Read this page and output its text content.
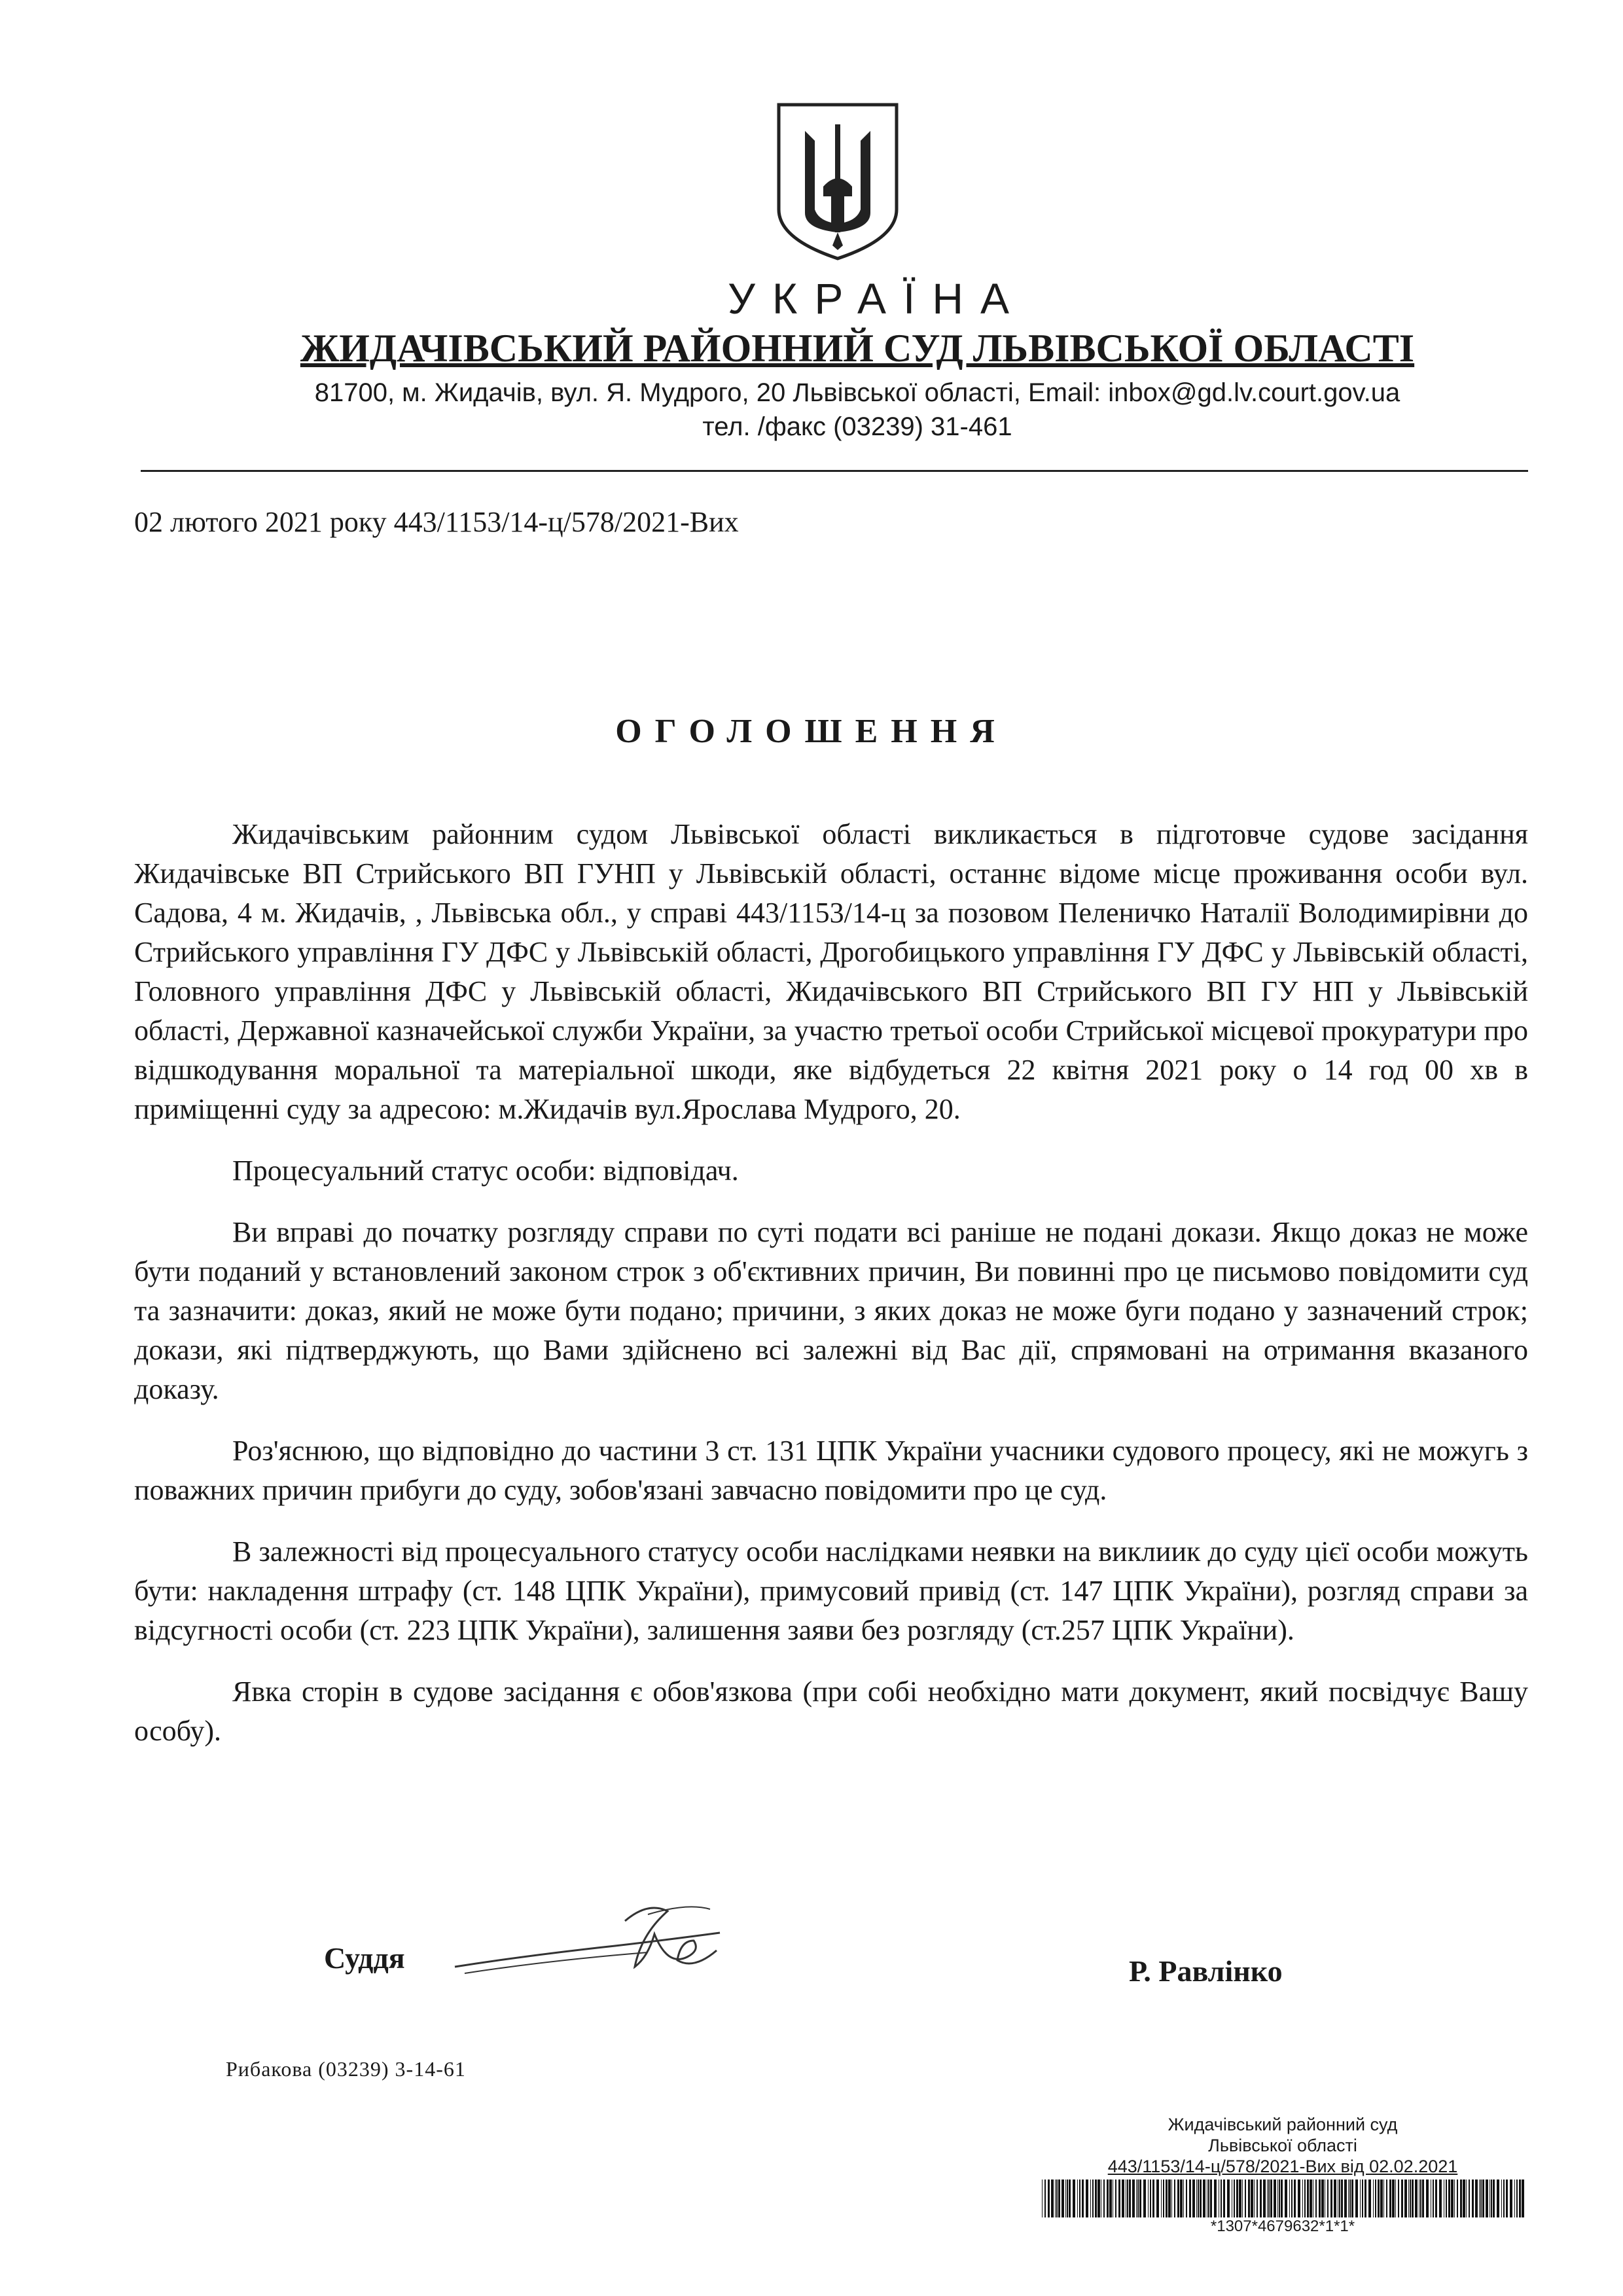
УКРАЇНА
ЖИДАЧІВСЬКИЙ РАЙОННИЙ СУД ЛЬВІВСЬКОЇ ОБЛАСТІ
81700, м. Жидачів, вул. Я. Мудрого, 20 Львівської області, Email: inbox@gd.lv.court.gov.ua
тел. /факс (03239) 31-461
02 лютого 2021 року 443/1153/14-ц/578/2021-Вих
ОГОЛОШЕННЯ

Жидачівським районним судом Львівської області викликається в підготовче судове засідання Жидачівське ВП Стрийського ВП ГУНП у Львівській області, останнє відоме місце проживання особи вул. Садова, 4 м. Жидачів, , Львівська обл., у справі 443/1153/14-ц за позовом Пеленичко Наталії Володимирівни до Стрийського управління ГУ ДФС у Львівській області, Дрогобицького управління ГУ ДФС у Львівській області, Головного управління ДФС у Львівській області, Жидачівського ВП Стрийського ВП ГУ НП у Львівській області, Державної казначейської служби України, за участю третьої особи Стрийської місцевої прокуратури про відшкодування моральної та матеріальної шкоди, яке відбудеться 22 квітня 2021 року о 14 год 00 хв в приміщенні суду за адресою: м.Жидачів вул.Ярослава Мудрого, 20.

Процесуальний статус особи: відповідач.

Ви вправі до початку розгляду справи по суті подати всі раніше не подані докази. Якщо доказ не може бути поданий у встановлений законом строк з об'єктивних причин, Ви повинні про це письмово повідомити суд та зазначити: доказ, який не може бути подано; причини, з яких доказ не може буги подано у зазначений строк; докази, які підтверджують, що Вами здійснено всі залежні від Вас дії, спрямовані на отримання вказаного доказу.

Роз'яснюю, що відповідно до частини 3 ст. 131 ЦПК України учасники судового процесу, які не можугь з поважних причин прибуги до суду, зобов'язані завчасно повідомити про це суд.

В залежності від процесуального статусу особи наслідками неявки на виклиик до суду цієї особи можуть бути: накладення штрафу (ст. 148 ЦПК України), примусовий привід (ст. 147 ЦПК України), розгляд справи за відсугності особи (ст. 223 ЦПК України), залишення заяви без розгляду (ст.257 ЦПК України).

Явка сторін в судове засідання є обов'язкова (при собі необхідно мати документ, який посвідчує Вашу особу).

Суддя	Р. Равлінко
Рибакова (03239) 3-14-61
Жидачівський районний суд
Львівської області
443/1153/14-ц/578/2021-Вих від 02.02.2021
*1307*4679632*1*1*
